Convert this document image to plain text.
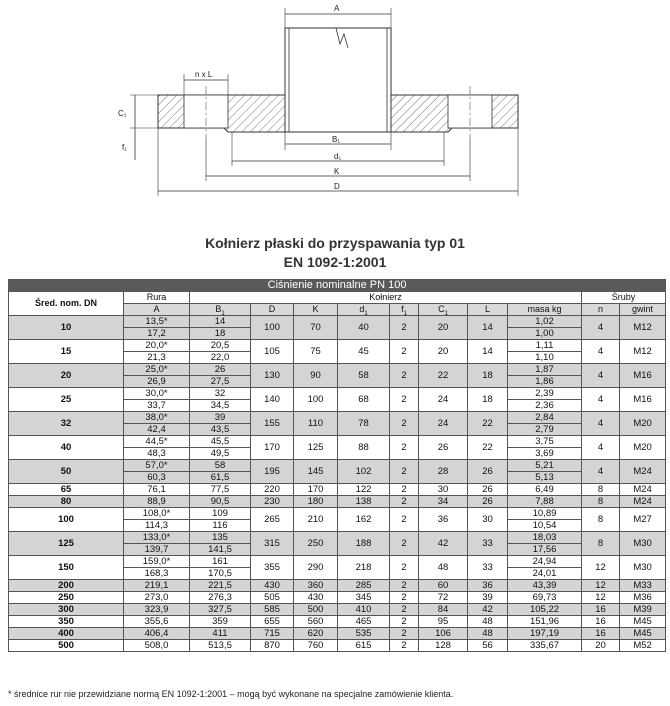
A
n x L
C₁
f₁
B₁
d₁
K
D
Kołnierz płaski do przyspawania typ 01
EN 1092-1:2001
Ciśnienie nominalne PN 100											
Śred. nom. DN	Rura	Kołnierz								Śruby	
	A	$B_1$	D	K	$d_1$	$f_1$	$C_1$	L	masa kg	n	gwint
10	13,5*	14	100	70	40	2	20	14	1,02	4	M12
	17,2	18							1,00		
15	20,0*	20,5	105	75	45	2	20	14	1,11	4	M12
	21,3	22,0							1,10		
20	25,0*	26	130	90	58	2	22	18	1,87	4	M16
	26,9	27,5							1,86		
25	30,0*	32	140	100	68	2	24	18	2,39	4	M16
	33,7	34,5							2,36		
32	38,0*	39	155	110	78	2	24	22	2,84	4	M20
	42,4	43,5							2,79		
40	44,5*	45,5	170	125	88	2	26	22	3,75	4	M20
	48,3	49,5							3,69		
50	57,0*	58	195	145	102	2	28	26	5,21	4	M24
	60,3	61,5							5,13		
65	76,1	77,5	220	170	122	2	30	26	6,49	8	M24
80	88,9	90,5	230	180	138	2	34	26	7,88	8	M24
100	108,0*	109	265	210	162	2	36	30	10,89	8	M27
	114,3	116							10,54		
125	133,0*	135	315	250	188	2	42	33	18,03	8	M30
	139,7	141,5							17,56		
150	159,0*	161	355	290	218	2	48	33	24,94	12	M30
	168,3	170,5							24,01		
200	219,1	221,5	430	360	285	2	60	36	43,39	12	M33
250	273,0	276,3	505	430	345	2	72	39	69,73	12	M36
300	323,9	327,5	585	500	410	2	84	42	105,22	16	M39
350	355,6	359	655	560	465	2	95	48	151,96	16	M45
400	406,4	411	715	620	535	2	106	48	197,19	16	M45
500	508,0	513,5	870	760	615	2	128	56	335,67	20	M52
* średnice rur nie przewidziane normą EN 1092-1:2001 – mogą być wykonane na specjalne zamówienie klienta.
